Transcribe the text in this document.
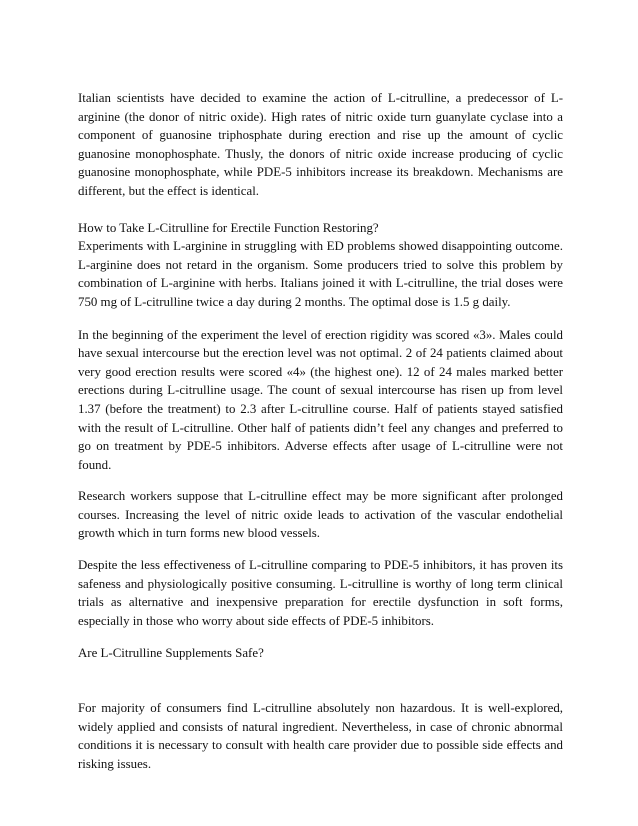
Italian scientists have decided to examine the action of L-citrulline, a predecessor of L-arginine (the donor of nitric oxide). High rates of nitric oxide turn guanylate cyclase into a component of guanosine triphosphate during erection and rise up the amount of cyclic guanosine monophosphate. Thusly, the donors of nitric oxide increase producing of cyclic guanosine monophosphate, while PDE-5 inhibitors increase its breakdown. Mechanisms are different, but the effect is identical.

How to Take L-Citrulline for Erectile Function Restoring?

Experiments with L-arginine in struggling with ED problems showed disappointing outcome. L-arginine does not retard in the organism. Some producers tried to solve this problem by combination of L-arginine with herbs. Italians joined it with L-citrulline, the trial doses were 750 mg of L-citrulline twice a day during 2 months. The optimal dose is 1.5 g daily.

In the beginning of the experiment the level of erection rigidity was scored «3». Males could have sexual intercourse but the erection level was not optimal. 2 of 24 patients claimed about very good erection results were scored «4» (the highest one). 12 of 24 males marked better erections during L-citrulline usage. The count of sexual intercourse has risen up from level 1.37 (before the treatment) to 2.3 after L-citrulline course. Half of patients stayed satisfied with the result of L-citrulline. Other half of patients didn’t feel any changes and preferred to go on treatment by PDE-5 inhibitors. Adverse effects after usage of L-citrulline were not found.

Research workers suppose that L-citrulline effect may be more significant after prolonged courses. Increasing the level of nitric oxide leads to activation of the vascular endothelial growth which in turn forms new blood vessels.

Despite the less effectiveness of L-citrulline comparing to PDE-5 inhibitors, it has proven its safeness and physiologically positive consuming. L-citrulline is worthy of long term clinical trials as alternative and inexpensive preparation for erectile dysfunction in soft forms, especially in those who worry about side effects of PDE-5 inhibitors.

Are L-Citrulline Supplements Safe?

For majority of consumers find L-citrulline absolutely non hazardous. It is well-explored, widely applied and consists of natural ingredient. Nevertheless, in case of chronic abnormal conditions it is necessary to consult with health care provider due to possible side effects and risking issues.
